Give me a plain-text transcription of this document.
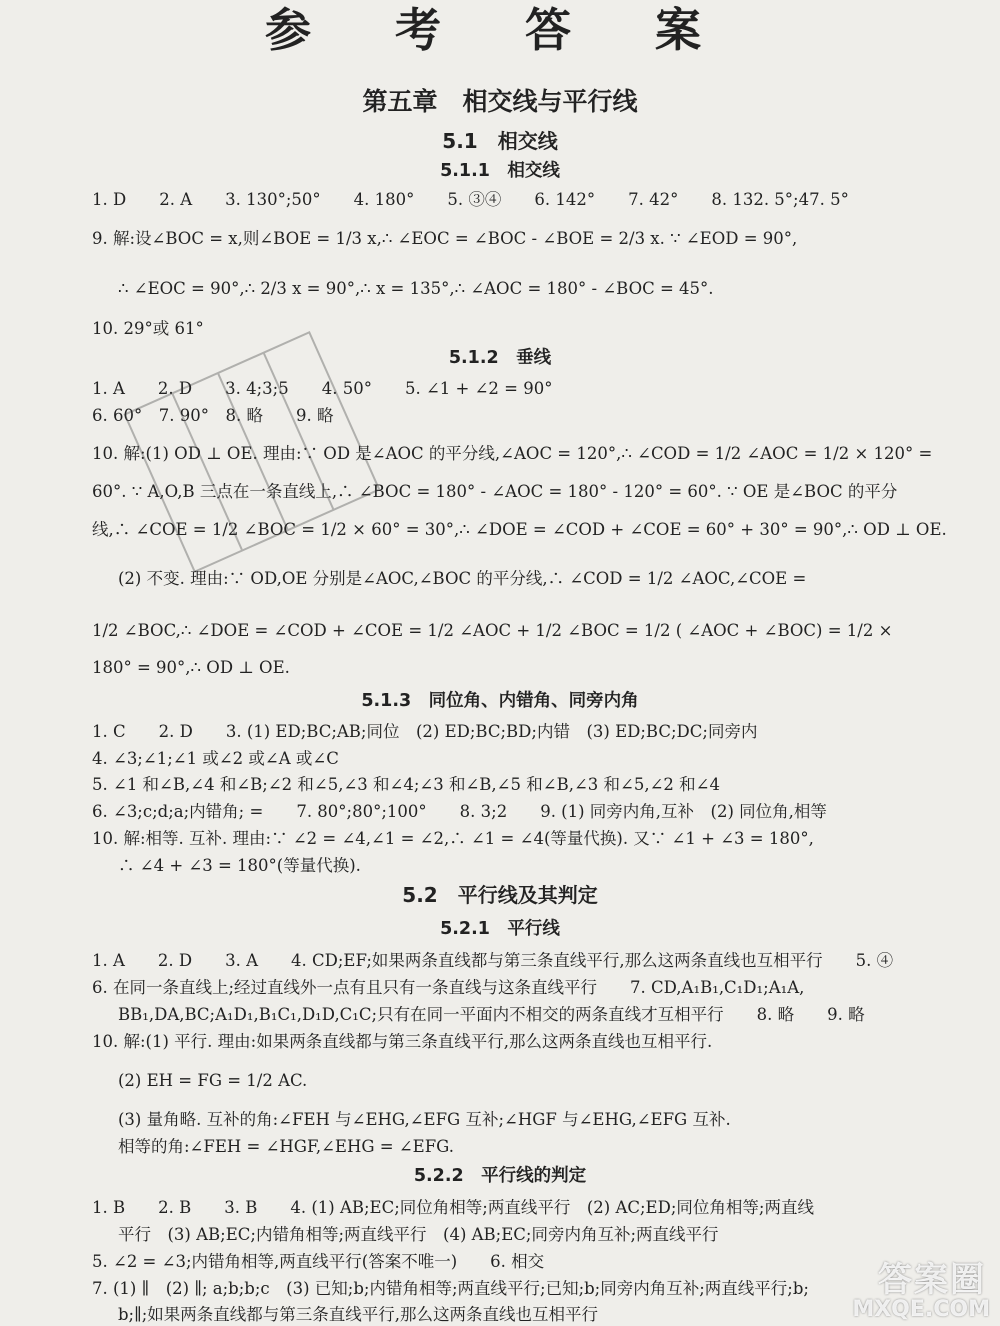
参 考 答 案
第五章　相交线与平行线
5.1　相交线
5.1.1　相交线
1. D　　2. A　　3. 130°;50°　　4. 180°　　5. ③④　　6. 142°　　7. 42°　　8. 132. 5°;47. 5°
9. 解:设∠BOC = x,则∠BOE = 1/3 x,∴ ∠EOC = ∠BOC - ∠BOE = 2/3 x. ∵ ∠EOD = 90°,
∴ ∠EOC = 90°,∴ 2/3 x = 90°,∴ x = 135°,∴ ∠AOC = 180° - ∠BOC = 45°.
10. 29°或 61°
5.1.2　垂线
1. A　　2. D　　3. 4;3;5　　4. 50°　　5. ∠1 + ∠2 = 90°
6. 60°　7. 90°　8. 略　　9. 略
10. 解:(1) OD ⊥ OE. 理由:∵ OD 是∠AOC 的平分线,∠AOC = 120°,∴ ∠COD = 1/2 ∠AOC = 1/2 × 120° =
60°. ∵ A,O,B 三点在一条直线上,∴ ∠BOC = 180° - ∠AOC = 180° - 120° = 60°. ∵ OE 是∠BOC 的平分
线,∴ ∠COE = 1/2 ∠BOC = 1/2 × 60° = 30°,∴ ∠DOE = ∠COD + ∠COE = 60° + 30° = 90°,∴ OD ⊥ OE.
(2) 不变. 理由:∵ OD,OE 分别是∠AOC,∠BOC 的平分线,∴ ∠COD = 1/2 ∠AOC,∠COE =
1/2 ∠BOC,∴ ∠DOE = ∠COD + ∠COE = 1/2 ∠AOC + 1/2 ∠BOC = 1/2 ( ∠AOC + ∠BOC) = 1/2 ×
180° = 90°,∴ OD ⊥ OE.
5.1.3　同位角、内错角、同旁内角
1. C　　2. D　　3. (1) ED;BC;AB;同位　(2) ED;BC;BD;内错　(3) ED;BC;DC;同旁内
4. ∠3;∠1;∠1 或∠2 或∠A 或∠C
5. ∠1 和∠B,∠4 和∠B;∠2 和∠5,∠3 和∠4;∠3 和∠B,∠5 和∠B,∠3 和∠5,∠2 和∠4
6. ∠3;c;d;a;内错角; =　　7. 80°;80°;100°　　8. 3;2　　9. (1) 同旁内角,互补　(2) 同位角,相等
10. 解:相等. 互补. 理由:∵ ∠2 = ∠4,∠1 = ∠2,∴ ∠1 = ∠4(等量代换). 又∵ ∠1 + ∠3 = 180°,
∴ ∠4 + ∠3 = 180°(等量代换).
5.2　平行线及其判定
5.2.1　平行线
1. A　　2. D　　3. A　　4. CD;EF;如果两条直线都与第三条直线平行,那么这两条直线也互相平行　　5. ④
6. 在同一条直线上;经过直线外一点有且只有一条直线与这条直线平行　　7. CD,A₁B₁,C₁D₁;A₁A,
BB₁,DA,BC;A₁D₁,B₁C₁,D₁D,C₁C;只有在同一平面内不相交的两条直线才互相平行　　8. 略　　9. 略
10. 解:(1) 平行. 理由:如果两条直线都与第三条直线平行,那么这两条直线也互相平行.
(2) EH = FG = 1/2 AC.
(3) 量角略. 互补的角:∠FEH 与∠EHG,∠EFG 互补;∠HGF 与∠EHG,∠EFG 互补.
相等的角:∠FEH = ∠HGF,∠EHG = ∠EFG.
5.2.2　平行线的判定
1. B　　2. B　　3. B　　4. (1) AB;EC;同位角相等;两直线平行　(2) AC;ED;同位角相等;两直线
平行　(3) AB;EC;内错角相等;两直线平行　(4) AB;EC;同旁内角互补;两直线平行
5. ∠2 = ∠3;内错角相等,两直线平行(答案不唯一)　　6. 相交
7. (1) ∥　(2) ∥; a;b;b;c　(3) 已知;b;内错角相等;两直线平行;已知;b;同旁内角互补;两直线平行;b;
b;∥;如果两条直线都与第三条直线平行,那么这两条直线也互相平行
答案圈
MXQE.COM
